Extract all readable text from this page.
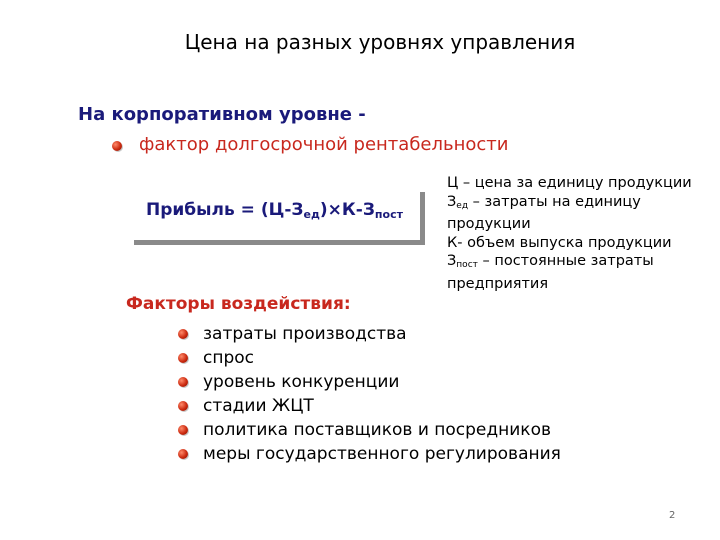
Цена на разных уровнях управления
На корпоративном уровне -
фактор долгосрочной рентабельности
Прибыль = $(Ц-З_{ед})\times К-З_{пост}$
Ц – цена за единицу продукции
$З_{ед}$ – затраты на единицу
продукции
К- объем выпуска продукции
$З_{пост}$ – постоянные затраты
предприятия
Факторы воздействия:
затраты производства
спрос
уровень конкуренции
стадии ЖЦТ
политика поставщиков и посредников
меры государственного регулирования
2
